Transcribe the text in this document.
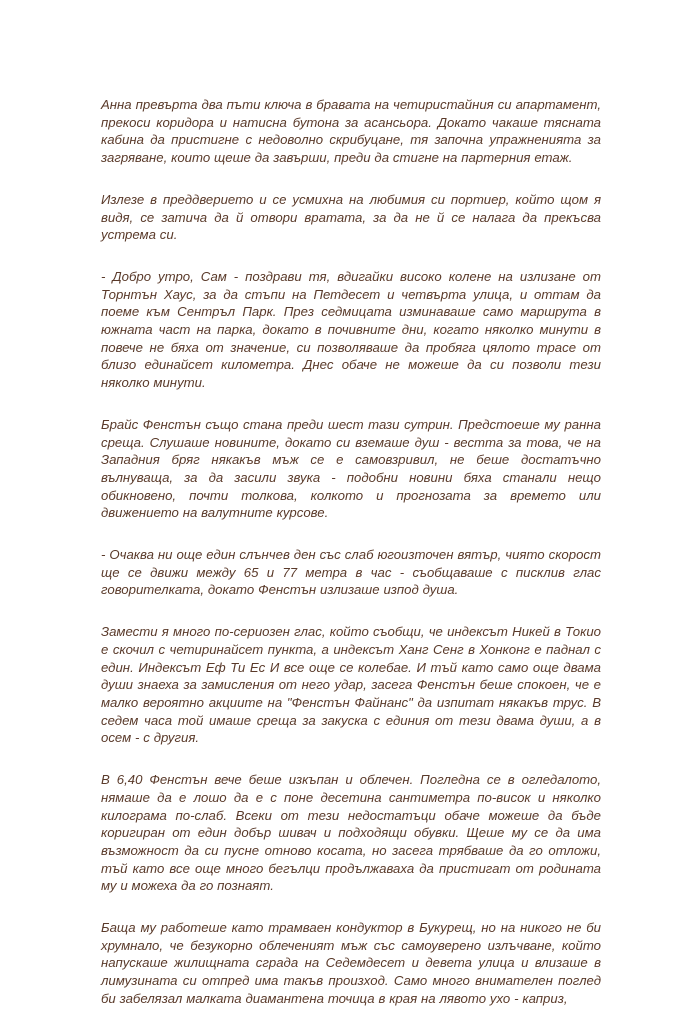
Анна превърта два пъти ключа в бравата на четиристайния си апартамент, прекоси коридора и натисна бутона за асансьора. Докато чакаше тясната кабина да пристигне с недоволно скрибуцане, тя започна упражненията за загряване, които щеше да завърши, преди да стигне на партерния етаж.

Излезе в преддверието и се усмихна на любимия си портиер, който щом я видя, се затича да й отвори вратата, за да не й се налага да прекъсва устрема си.

- Добро утро, Сам - поздрави тя, вдигайки високо колене на излизане от Торнтън Хаус, за да стъпи на Петдесет и четвърта улица, и оттам да поеме към Сентръл Парк. През седмицата изминаваше само маршрута в южната част на парка, докато в почивните дни, когато няколко минути в повече не бяха от значение, си позволяваше да пробяга цялото трасе от близо единайсет километра. Днес обаче не можеше да си позволи тези няколко минути.

Брайс Фенстън също стана преди шест тази сутрин. Предстоеше му ранна среща. Слушаше новините, докато си вземаше душ - вестта за това, че на Западния бряг някакъв мъж се е самовзривил, не беше достатъчно вълнуваща, за да засили звука - подобни новини бяха станали нещо обикновено, почти толкова, колкото и прогнозата за времето или движението на валутните курсове.

- Очаква ни още един слънчев ден със слаб югоизточен вятър, чиято скорост ще се движи между 65 и 77 метра в час - съобщаваше с писклив глас говорителката, докато Фенстън излизаше изпод душа.

Замести я много по-сериозен глас, който съобщи, че индексът Никей в Токио е скочил с четиринайсет пункта, а индексът Ханг Сенг в Хонконг е паднал с един. Индексът Еф Ти Ес И все още се колебае. И тъй като само още двама души знаеха за замисления от него удар, засега Фенстън беше спокоен, че е малко вероятно акциите на "Фенстън Файнанс" да изпитат някакъв трус. В седем часа той имаше среща за закуска с единия от тези двама души, а в осем - с другия.

В 6,40 Фенстън вече беше изкъпан и облечен. Погледна се в огледалото, нямаше да е лошо да е с поне десетина сантиметра по-висок и няколко килограма по-слаб. Всеки от тези недостатъци обаче можеше да бъде коригиран от един добър шивач и подходящи обувки. Щеше му се да има възможност да си пусне отново косата, но засега трябваше да го отложи, тъй като все още много бегълци продължаваха да пристигат от родината му и можеха да го познаят.

Баща му работеше като трамваен кондуктор в Букурещ, но на никого не би хрумнало, че безукорно облеченият мъж със самоуверено излъчване, който напускаше жилищната сграда на Седемдесет и девета улица и влизаше в лимузината си отпред има такъв произход. Само много внимателен поглед би забелязал малката диамантена точица в края на лявото ухо - каприз,
